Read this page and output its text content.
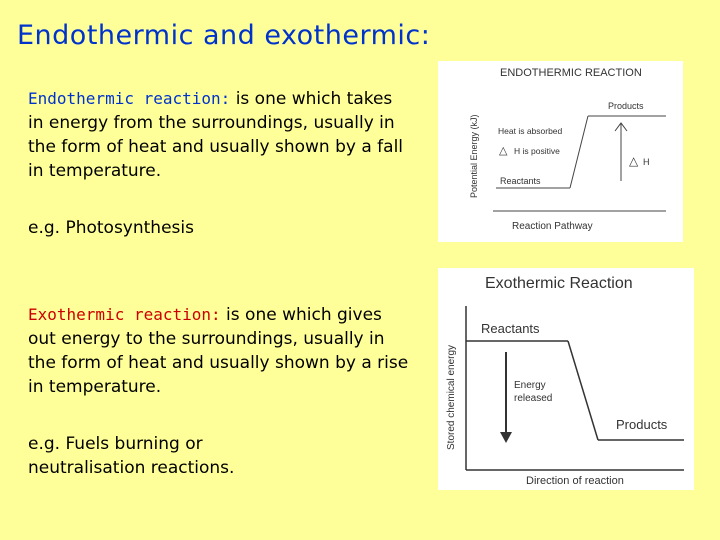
Endothermic and exothermic:
Endothermic reaction: is one which takes in energy from the surroundings, usually in the form of heat and usually shown by a fall in temperature.
e.g. Photosynthesis
Exothermic reaction: is one which gives out energy to the surroundings, usually in the form of heat and usually shown by a rise in temperature.
e.g. Fuels burning or neutralisation reactions.
ENDOTHERMIC REACTION
Potential Energy (kJ)
Reaction Pathway
Reactants
Products
Heat is absorbed
△ H is positive
△ H
Exothermic Reaction
Stored chemical energy
Direction of reaction
Reactants
Products
Energy
released
